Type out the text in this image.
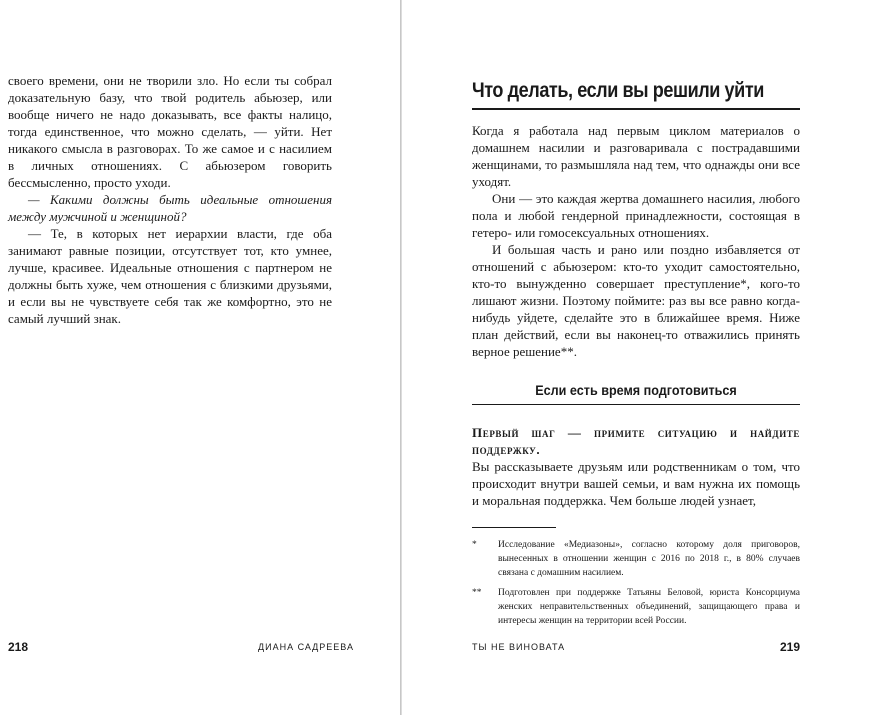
своего времени, они не творили зло. Но если ты собрал доказательную базу, что твой родитель абьюзер, или вообще ничего не надо доказывать, все факты налицо, тогда единственное, что можно сделать, — уйти. Нет никакого смысла в разговорах. То же самое и с насилием в личных отношениях. С абьюзером говорить бессмысленно, просто уходи.

— Какими должны быть идеальные отношения между мужчиной и женщиной?

— Те, в которых нет иерархии власти, где оба занимают равные позиции, отсутствует тот, кто умнее, лучше, красивее. Идеальные отношения с партнером не должны быть хуже, чем отношения с близкими друзьями, и если вы не чувствуете себя так же комфортно, это не самый лучший знак.

218	ДИАНА САДРЕЕВА
Что делать, если вы решили уйти

Когда я работала над первым циклом материалов о домашнем насилии и разговаривала с пострадавшими женщинами, то размышляла над тем, что однажды они все уходят.

Они — это каждая жертва домашнего насилия, любого пола и любой гендерной принадлежности, состоящая в гетеро- или гомосексуальных отношениях.

И большая часть и рано или поздно избавляется от отношений с абьюзером: кто-то уходит самостоятельно, кто-то вынужденно совершает преступление*, кого-то лишают жизни. Поэтому поймите: раз вы все равно когда-нибудь уйдете, сделайте это в ближайшее время. Ниже план действий, если вы наконец-то отважились принять верное решение**.

Если есть время подготовиться

Первый шаг — примите ситуацию и найдите поддержку.

Вы рассказываете друзьям или родственникам о том, что происходит внутри вашей семьи, и вам нужна их помощь и моральная поддержка. Чем больше людей узнает,

*	Исследование «Медиазоны», согласно которому доля приговоров, вынесенных в отношении женщин с 2016 по 2018 г., в 80% случаев связана с домашним насилием.
**	Подготовлен при поддержке Татьяны Беловой, юриста Консорциума женских неправительственных объединений, защищающего права и интересы женщин на территории всей России.
ТЫ НЕ ВИНОВАТА	219
